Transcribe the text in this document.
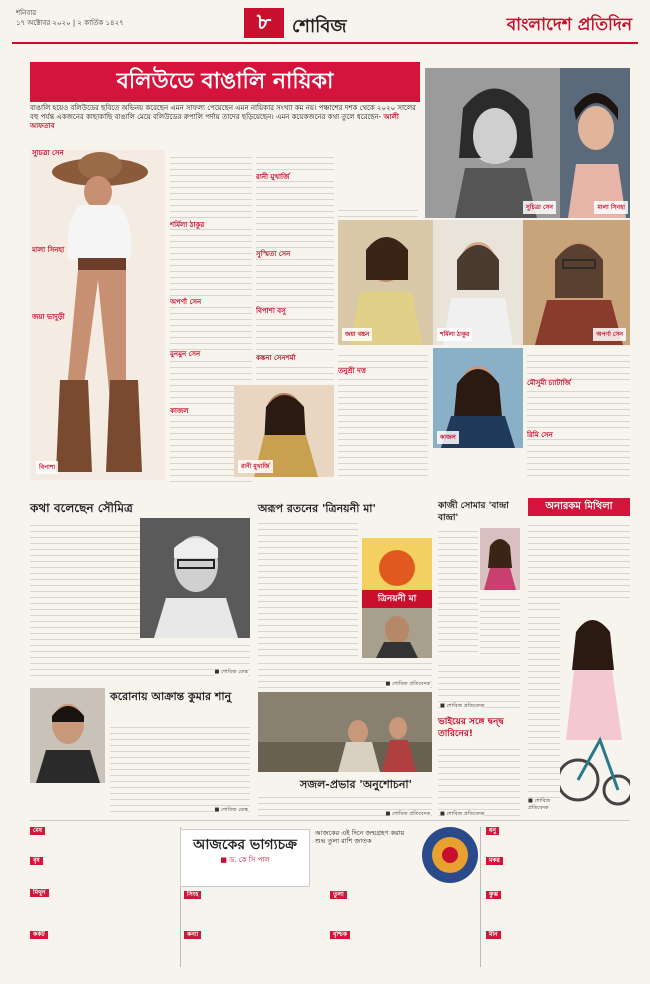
শনিবার
১৭ অক্টোবর ২০২০ | ২ কার্তিক ১৪২৭	৮	শোবিজ	বাংলাদেশ প্রতিদিন
বলিউডে বাঙালি নায়িকা
বাঙালি হয়েও বলিউডের ছবিতে অভিনয় করেছেন এমন সাফল্য পেয়েছেন এমন নায়িকার সংখ্যা কম নয়। পঞ্চাশের দশক থেকে ২০২০ সালের বহু পর্যন্ত একজনের কাছাকাছি বাঙালি মেয়ে বলিউডের রুপালি পর্দায় তাদের ছড়িয়েছেন। এমন কয়েকজনের কথা তুলে ধরেছেন- আলী আফতাব
বিপাশা
সুচিত্রা সেন
মালা সিনহা
জয়া ভাদুড়ী
শর্মিলা ঠাকুর
অপর্ণা সেন
মুনমুন সেন
কাজল
রানী মুখার্জি
সুস্মিতা সেন
বিপাশা বসু
কঙ্কনা সেনশর্মা
রানী মুখার্জি
সুচিত্রা সেন	মালা সিনহা
জয়া বচ্চন	শর্মিলা ঠাকুর	অপর্ণা সেন
কাজল
তনুশ্রী দত্ত
মৌসুমী চ্যাটার্জি
রিমি সেন
কথা বলেছেন সৌমিত্র
■ শোবিজ ডেস্ক
করোনায় আক্রান্ত কুমার শানু
■ শোবিজ ডেস্ক
অরূপ রতনের 'ত্রিনয়নী মা'
ত্রিনয়নী মা
■ শোবিজ প্রতিবেদক
সজল-প্রভার 'অনুশোচনা'
■ শোবিজ প্রতিবেদক
কাজী সোমার 'বান্দ্রা বান্দ্রা'
■ শোবিজ প্রতিবেদক
ভাইয়ের সঙ্গে দ্বন্দ্ব তারিনের!
■ শোবিজ প্রতিবেদক
অনারকম মিথিলা
■ শোবিজ প্রতিবেদক
আজকের ভাগ্যচক্র
■ ড. কে সি পাল
আজকের এই দিনে জন্মগ্রহণ করায় শুভ তুলা রাশি জাতক
মেষ
বৃষ
মিথুন
কর্কট
সিংহ
কন্যা
তুলা
বৃশ্চিক
ধনু
মকর
কুম্ভ
মীন
